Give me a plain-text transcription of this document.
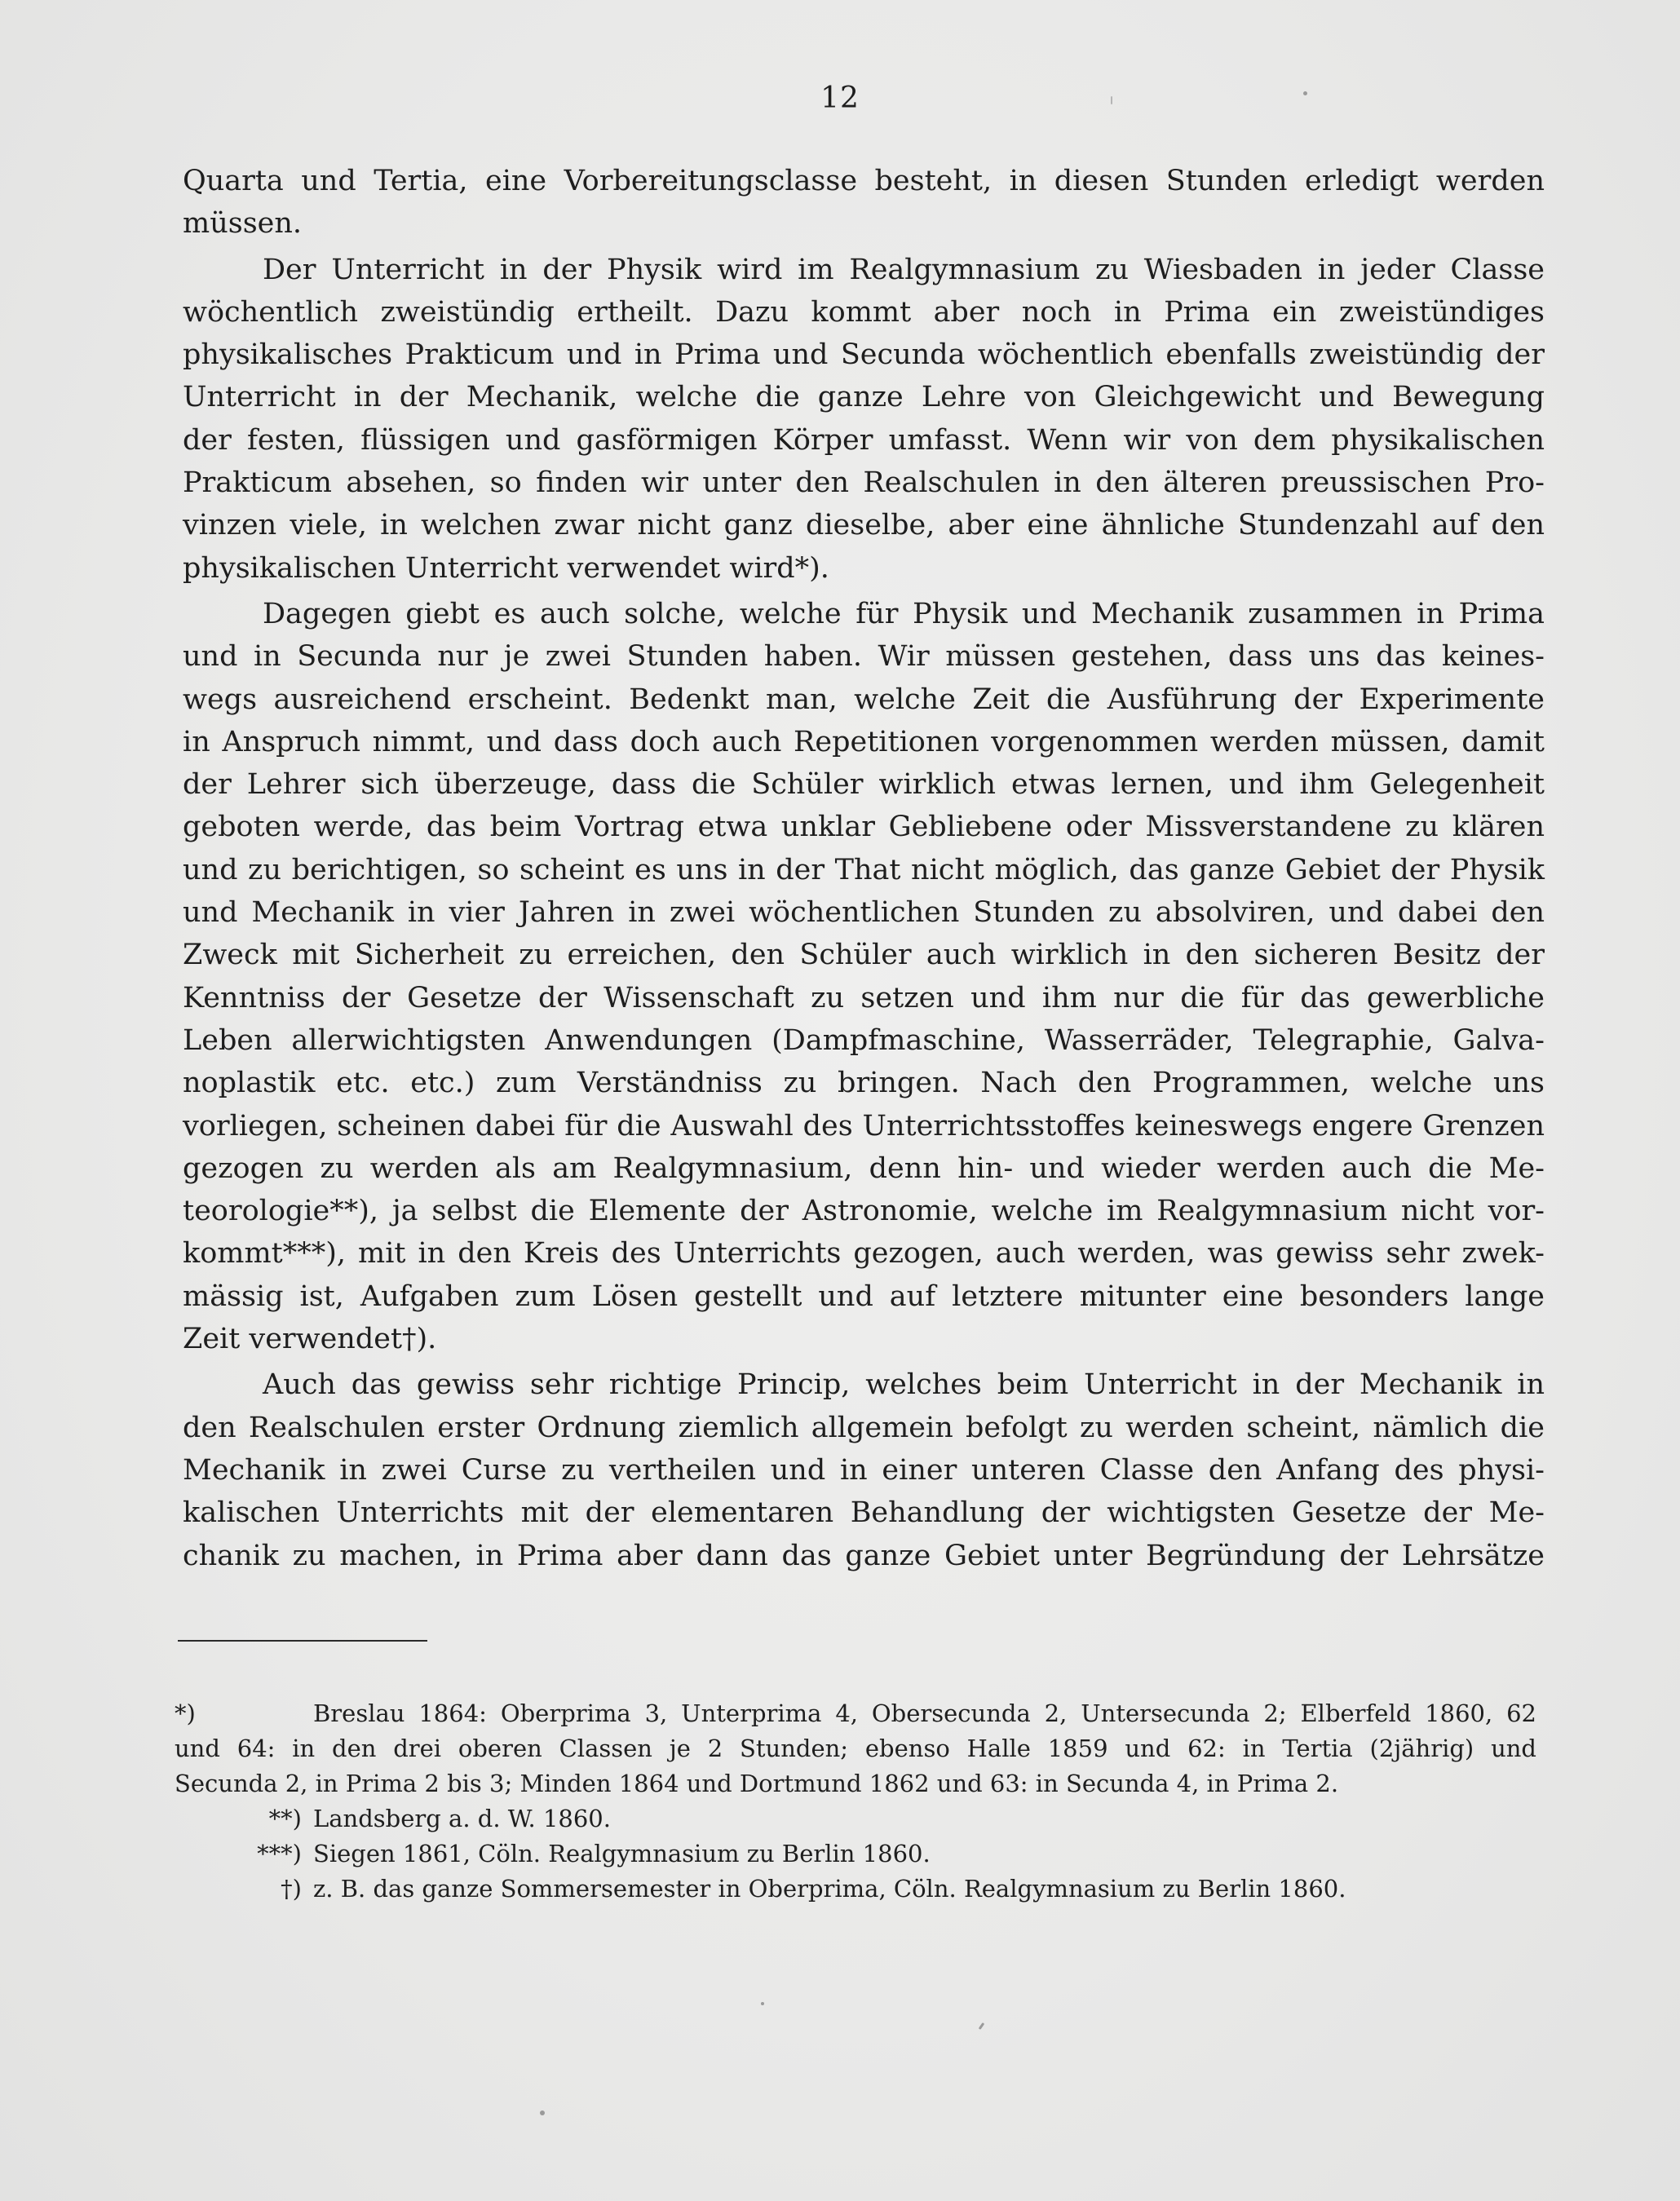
12

Quarta und Tertia, eine Vorbereitungsclasse besteht, in diesen Stunden erledigt werden
müssen.

Der Unterricht in der Physik wird im Realgymnasium zu Wiesbaden in jeder Classe
wöchentlich zweistündig ertheilt. Dazu kommt aber noch in Prima ein zweistündiges
physikalisches Prakticum und in Prima und Secunda wöchentlich ebenfalls zweistündig der
Unterricht in der Mechanik, welche die ganze Lehre von Gleichgewicht und Bewegung
der festen, flüssigen und gasförmigen Körper umfasst. Wenn wir von dem physikalischen
Prakticum absehen, so finden wir unter den Realschulen in den älteren preussischen Pro-
vinzen viele, in welchen zwar nicht ganz dieselbe, aber eine ähnliche Stundenzahl auf den
physikalischen Unterricht verwendet wird*).

Dagegen giebt es auch solche, welche für Physik und Mechanik zusammen in Prima
und in Secunda nur je zwei Stunden haben. Wir müssen gestehen, dass uns das keines-
wegs ausreichend erscheint. Bedenkt man, welche Zeit die Ausführung der Experimente
in Anspruch nimmt, und dass doch auch Repetitionen vorgenommen werden müssen, damit
der Lehrer sich überzeuge, dass die Schüler wirklich etwas lernen, und ihm Gelegenheit
geboten werde, das beim Vortrag etwa unklar Gebliebene oder Missverstandene zu klären
und zu berichtigen, so scheint es uns in der That nicht möglich, das ganze Gebiet der Physik
und Mechanik in vier Jahren in zwei wöchentlichen Stunden zu absolviren, und dabei den
Zweck mit Sicherheit zu erreichen, den Schüler auch wirklich in den sicheren Besitz der
Kenntniss der Gesetze der Wissenschaft zu setzen und ihm nur die für das gewerbliche
Leben allerwichtigsten Anwendungen (Dampfmaschine, Wasserräder, Telegraphie, Galva-
noplastik etc. etc.) zum Verständniss zu bringen. Nach den Programmen, welche uns
vorliegen, scheinen dabei für die Auswahl des Unterrichtsstoffes keineswegs engere Grenzen
gezogen zu werden als am Realgymnasium, denn hin- und wieder werden auch die Me-
teorologie**), ja selbst die Elemente der Astronomie, welche im Realgymnasium nicht vor-
kommt***), mit in den Kreis des Unterrichts gezogen, auch werden, was gewiss sehr zwek-
mässig ist, Aufgaben zum Lösen gestellt und auf letztere mitunter eine besonders lange
Zeit verwendet†).

Auch das gewiss sehr richtige Princip, welches beim Unterricht in der Mechanik in
den Realschulen erster Ordnung ziemlich allgemein befolgt zu werden scheint, nämlich die
Mechanik in zwei Curse zu vertheilen und in einer unteren Classe den Anfang des physi-
kalischen Unterrichts mit der elementaren Behandlung der wichtigsten Gesetze der Me-
chanik zu machen, in Prima aber dann das ganze Gebiet unter Begründung der Lehrsätze

*)	Breslau 1864: Oberprima 3, Unterprima 4, Obersecunda 2, Untersecunda 2; Elberfeld 1860, 62
und 64: in den drei oberen Classen je 2 Stunden; ebenso Halle 1859 und 62: in Tertia (2jährig) und
Secunda 2, in Prima 2 bis 3; Minden 1864 und Dortmund 1862 und 63: in Secunda 4, in Prima 2.
**) Landsberg a. d. W. 1860.
***) Siegen 1861, Cöln. Realgymnasium zu Berlin 1860.
†) z. B. das ganze Sommersemester in Oberprima, Cöln. Realgymnasium zu Berlin 1860.
